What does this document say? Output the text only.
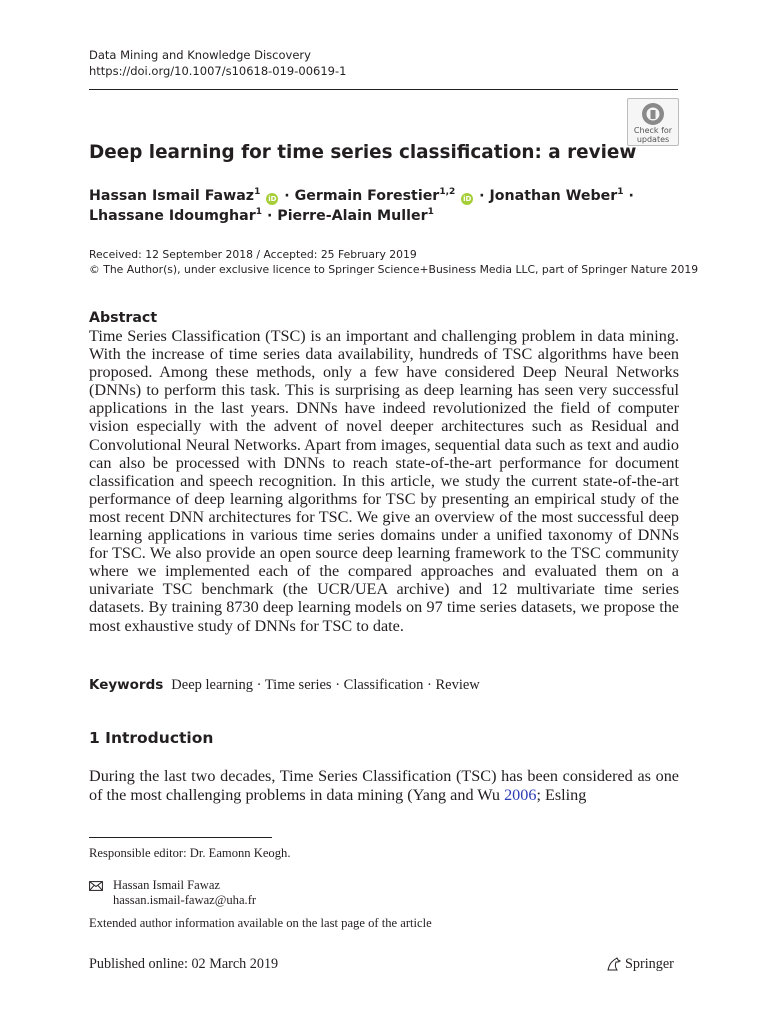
Data Mining and Knowledge Discovery
https://doi.org/10.1007/s10618-019-00619-1
Check for
updates
Deep learning for time series classification: a review
Hassan Ismail Fawaz$^1$ iD · Germain Forestier$^{1,2}$ iD · Jonathan Weber$^1$ ·
Lhassane Idoumghar$^1$ · Pierre-Alain Muller$^1$
Received: 12 September 2018 / Accepted: 25 February 2019
© The Author(s), under exclusive licence to Springer Science+Business Media LLC, part of Springer Nature 2019
Abstract
Time Series Classification (TSC) is an important and challenging problem in data mining. With the increase of time series data availability, hundreds of TSC algorithms have been proposed. Among these methods, only a few have considered Deep Neural Networks (DNNs) to perform this task. This is surprising as deep learning has seen very successful applications in the last years. DNNs have indeed revolutionized the field of computer vision especially with the advent of novel deeper architectures such as Residual and Convolutional Neural Networks. Apart from images, sequential data such as text and audio can also be processed with DNNs to reach state-of-the-art performance for document classification and speech recognition. In this article, we study the current state-of-the-art performance of deep learning algorithms for TSC by presenting an empirical study of the most recent DNN architectures for TSC. We give an overview of the most successful deep learning applications in various time series domains under a unified taxonomy of DNNs for TSC. We also provide an open source deep learning framework to the TSC community where we implemented each of the compared approaches and evaluated them on a univariate TSC benchmark (the UCR/UEA archive) and 12 multivariate time series datasets. By training 8730 deep learning models on 97 time series datasets, we propose the most exhaustive study of DNNs for TSC to date.
Keywords Deep learning · Time series · Classification · Review
1 Introduction
During the last two decades, Time Series Classification (TSC) has been considered as one of the most challenging problems in data mining (Yang and Wu 2006; Esling
Responsible editor: Dr. Eamonn Keogh.
Hassan Ismail Fawaz
hassan.ismail-fawaz@uha.fr
Extended author information available on the last page of the article
Published online: 02 March 2019	Springer
